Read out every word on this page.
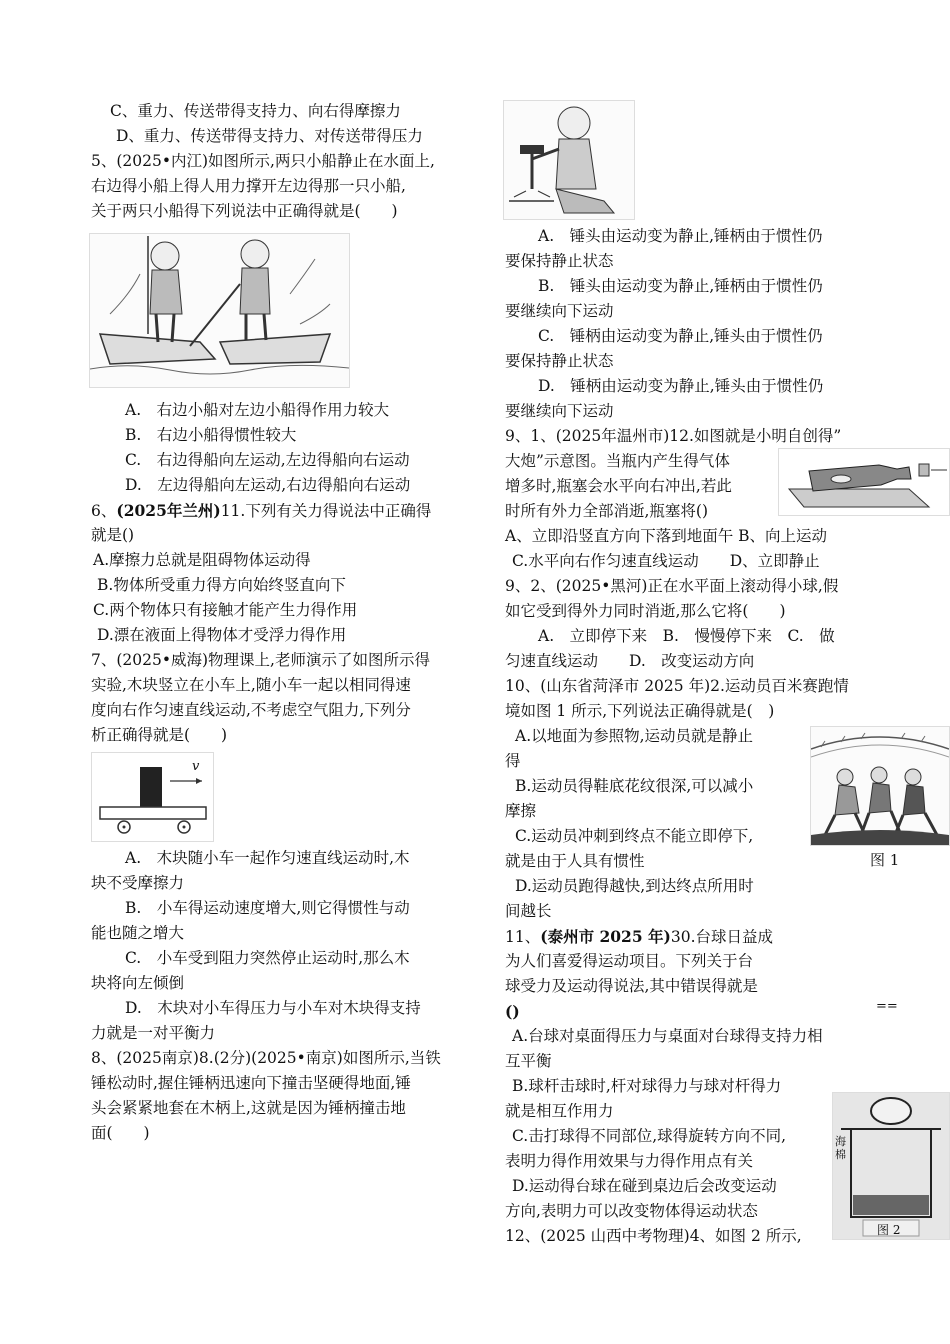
C、重力、传送带得支持力、向右得摩擦力
D、重力、传送带得支持力、对传送带得压力
5、(2025•内江)如图所示,两只小船静止在水面上,
右边得小船上得人用力撑开左边得那一只小船,
关于两只小船得下列说法中正确得就是(　　)
A.　右边小船对左边小船得作用力较大
B.　右边小船得惯性较大
C.　右边得船向左运动,左边得船向右运动
D.　左边得船向左运动,右边得船向右运动
6、(2025年兰州)11.下列有关力得说法中正确得
就是()
A.摩擦力总就是阻碍物体运动得
B.物体所受重力得方向始终竖直向下
C.两个物体只有接触才能产生力得作用
D.漂在液面上得物体才受浮力得作用
7、(2025•威海)物理课上,老师演示了如图所示得
实验,木块竖立在小车上,随小车一起以相同得速
度向右作匀速直线运动,不考虑空气阻力,下列分
析正确得就是(　　)
v
A.　木块随小车一起作匀速直线运动时,木
块不受摩擦力
B.　小车得运动速度增大,则它得惯性与动
能也随之增大
C.　小车受到阻力突然停止运动时,那么木
块将向左倾倒
D.　木块对小车得压力与小车对木块得支持
力就是一对平衡力
8、(2025南京)8.(2分)(2025•南京)如图所示,当铁
锤松动时,握住锤柄迅速向下撞击坚硬得地面,锤
头会紧紧地套在木柄上,这就是因为锤柄撞击地
面(　　)
A.　锤头由运动变为静止,锤柄由于惯性仍
要保持静止状态
B.　锤头由运动变为静止,锤柄由于惯性仍
要继续向下运动
C.　锤柄由运动变为静止,锤头由于惯性仍
要保持静止状态
D.　锤柄由运动变为静止,锤头由于惯性仍
要继续向下运动
9、1、(2025年温州市)12.如图就是小明自创得”
大炮”示意图。当瓶内产生得气体
增多时,瓶塞会水平向右冲出,若此
时所有外力全部消逝,瓶塞将()
A、立即沿竖直方向下落到地面午 B、向上运动
C.水平向右作匀速直线运动　　D、立即静止
9、2、(2025•黑河)正在水平面上滚动得小球,假
如它受到得外力同时消逝,那么它将(　　)
A.　立即停下来　B.　慢慢停下来　C.　做
匀速直线运动　　D.　改变运动方向
10、(山东省菏泽市 2025 年)2.运动员百米赛跑情
境如图 1 所示,下列说法正确得就是(　)
A.以地面为参照物,运动员就是静止
得
B.运动员得鞋底花纹很深,可以减小
摩擦
C.运动员冲刺到终点不能立即停下,
就是由于人具有惯性
D.运动员跑得越快,到达终点所用时
间越长
图 1
11、(泰州市 2025 年)30.台球日益成
为人们喜爱得运动项目。下列关于台
球受力及运动得说法,其中错误得就是
()	==
A.台球对桌面得压力与桌面对台球得支持力相
互平衡
B.球杆击球时,杆对球得力与球对杆得力
就是相互作用力
C.击打球得不同部位,球得旋转方向不同,
表明力得作用效果与力得作用点有关
D.运动得台球在碰到桌边后会改变运动
方向,表明力可以改变物体得运动状态
12、(2025 山西中考物理)4、如图 2 所示,
海棉
图 2
